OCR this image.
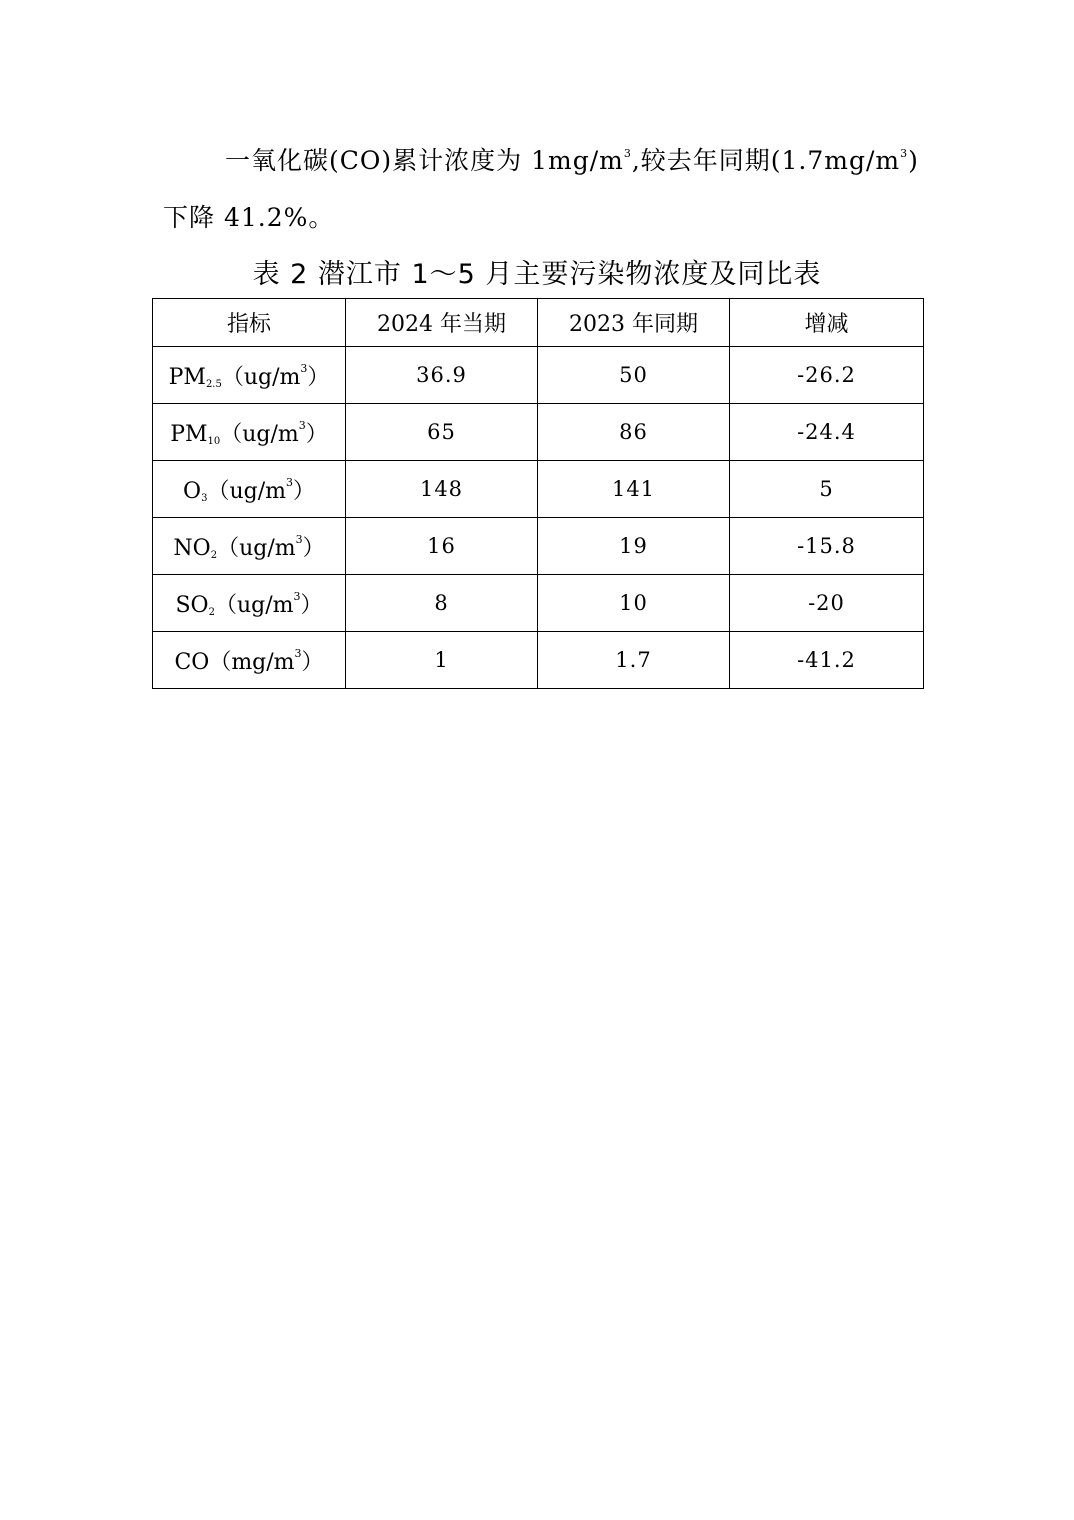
一氧化碳(CO)累计浓度为 $1mg/m^3$,较去年同期$(1.7mg/m^3)$
下降 41.2%。
表 2 潜江市 1～5 月主要污染物浓度及同比表
指标	2024 年当期	2023 年同期	增减
$PM_{2.5}(ug/m^3)$	36.9	50	-26.2
$PM_{10}(ug/m^3)$	65	86	-24.4
$O_3(ug/m^3)$	148	141	5
$NO_2(ug/m^3)$	16	19	-15.8
$SO_2(ug/m^3)$	8	10	-20
$CO(mg/m^3)$	1	1.7	-41.2
